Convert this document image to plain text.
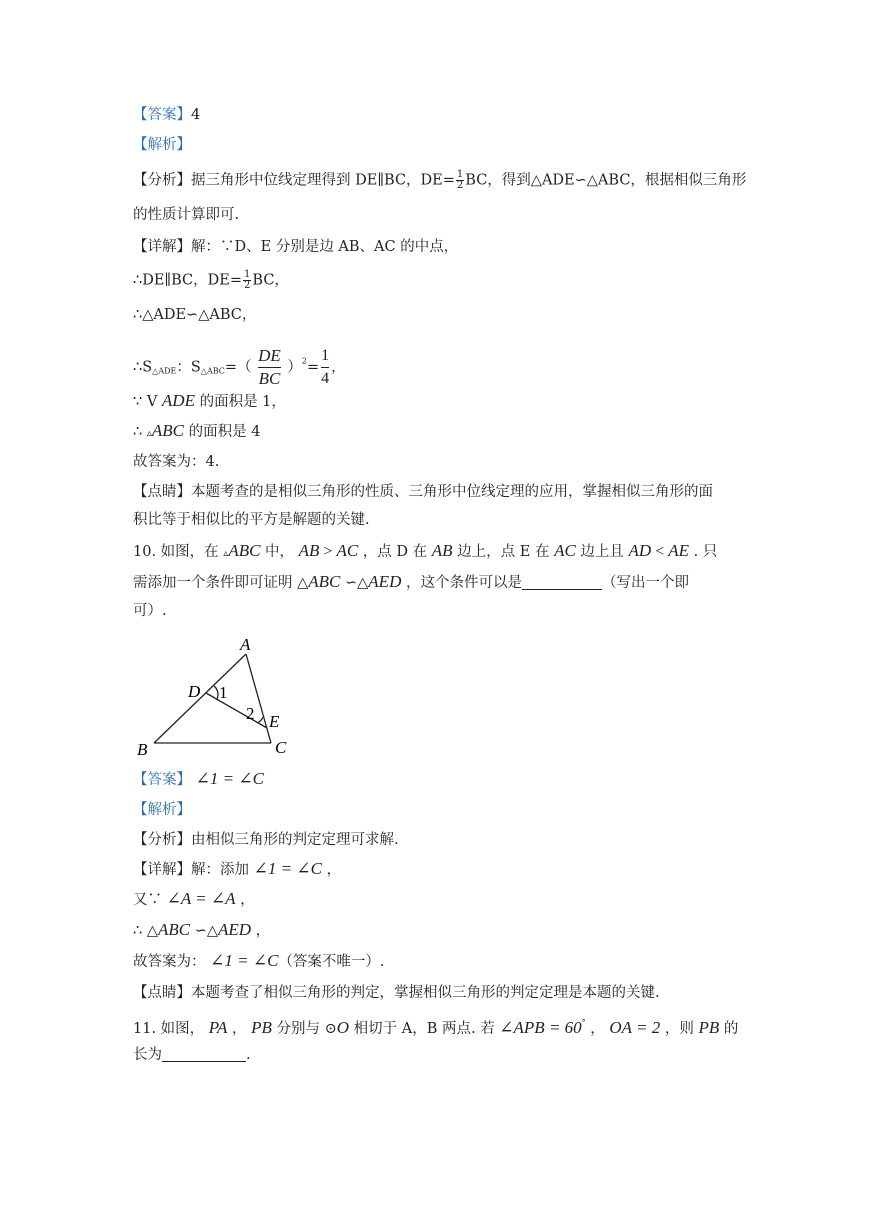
【答案】4
【解析】
【分析】据三角形中位线定理得到 DE∥BC，$DE= \frac{1}{2}$ BC，得到△ADE∽△ABC，根据相似三角形
的性质计算即可.
【详解】解：∵D、E 分别是边 AB、AC 的中点，
∴DE∥BC，$DE= \frac{1}{2}$ BC，
∴△ADE∽△ABC，
$\therefore S_{\triangle ADE}$：$S_{\triangle ABC}=( \frac{DE}{BC} )^2= \frac{1}{4}$ ，
∵ V ADE 的面积是 1，
∴ ▵ABC 的面积是 4
故答案为：4.
【点睛】本题考查的是相似三角形的性质、三角形中位线定理的应用，掌握相似三角形的面
积比等于相似比的平方是解题的关键.
10. 如图，在 ▵ABC 中， AB > AC ，点 D 在 AB 边上，点 E 在 AC 边上且 AD < AE . 只
需添加一个条件即可证明 △ABC ∽△AED ，这个条件可以是	（写出一个即
可）.
A
D 1
2 E
B	C
【答案】 ∠1 = ∠C
【解析】
【分析】由相似三角形的判定定理可求解.
【详解】解：添加 ∠1 = ∠C ，
又∵ ∠A = ∠A ，
∴ △ABC ∽△AED ，
故答案为： ∠1 = ∠C（答案不唯一）.
【点睛】本题考查了相似三角形的判定，掌握相似三角形的判定定理是本题的关键.
11. 如图， PA ， PB 分别与 ⊙O 相切于 A，B 两点. 若 ∠APB = 60° ， OA = 2 ，则 PB 的
长为	.
